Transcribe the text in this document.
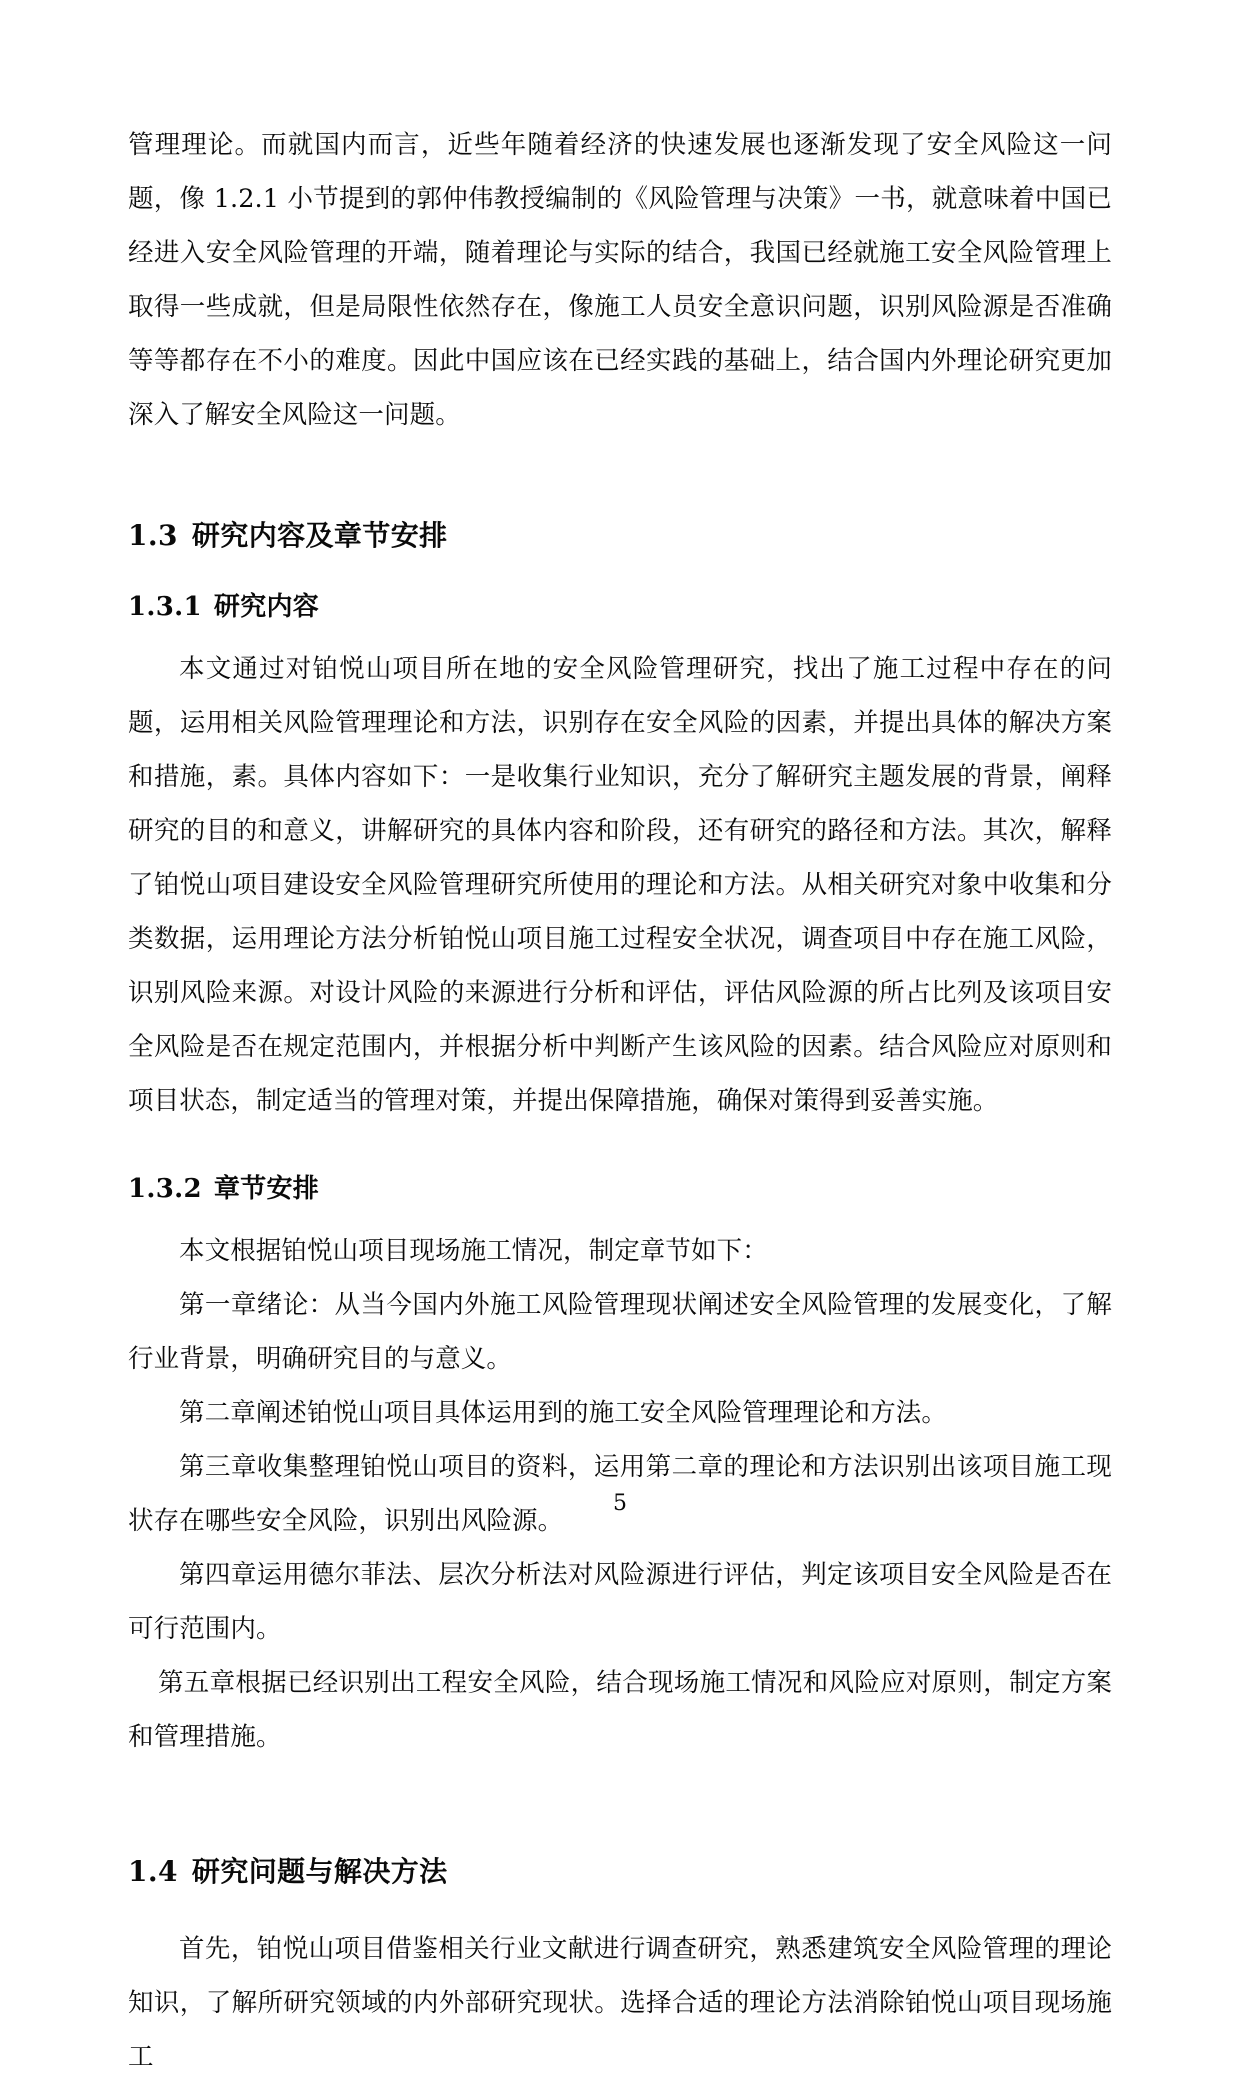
管理理论。而就国内而言，近些年随着经济的快速发展也逐渐发现了安全风险这一问题，像 1.2.1 小节提到的郭仲伟教授编制的《风险管理与决策》一书，就意味着中国已经进入安全风险管理的开端，随着理论与实际的结合，我国已经就施工安全风险管理上取得一些成就，但是局限性依然存在，像施工人员安全意识问题，识别风险源是否准确等等都存在不小的难度。因此中国应该在已经实践的基础上，结合国内外理论研究更加深入了解安全风险这一问题。

1.3 研究内容及章节安排
1.3.1 研究内容

本文通过对铂悦山项目所在地的安全风险管理研究，找出了施工过程中存在的问题，运用相关风险管理理论和方法，识别存在安全风险的因素，并提出具体的解决方案和措施，素。具体内容如下：一是收集行业知识，充分了解研究主题发展的背景，阐释研究的目的和意义，讲解研究的具体内容和阶段，还有研究的路径和方法。其次，解释了铂悦山项目建设安全风险管理研究所使用的理论和方法。从相关研究对象中收集和分类数据，运用理论方法分析铂悦山项目施工过程安全状况，调查项目中存在施工风险，识别风险来源。对设计风险的来源进行分析和评估，评估风险源的所占比列及该项目安全风险是否在规定范围内，并根据分析中判断产生该风险的因素。结合风险应对原则和项目状态，制定适当的管理对策，并提出保障措施，确保对策得到妥善实施。

1.3.2 章节安排

本文根据铂悦山项目现场施工情况，制定章节如下：

第一章绪论：从当今国内外施工风险管理现状阐述安全风险管理的发展变化，了解行业背景，明确研究目的与意义。

第二章阐述铂悦山项目具体运用到的施工安全风险管理理论和方法。

第三章收集整理铂悦山项目的资料，运用第二章的理论和方法识别出该项目施工现状存在哪些安全风险，识别出风险源。

第四章运用德尔菲法、层次分析法对风险源进行评估，判定该项目安全风险是否在可行范围内。

第五章根据已经识别出工程安全风险，结合现场施工情况和风险应对原则，制定方案和管理措施。

1.4 研究问题与解决方法

首先，铂悦山项目借鉴相关行业文献进行调查研究，熟悉建筑安全风险管理的理论知识，了解所研究领域的内外部研究现状。选择合适的理论方法消除铂悦山项目现场施工

5
